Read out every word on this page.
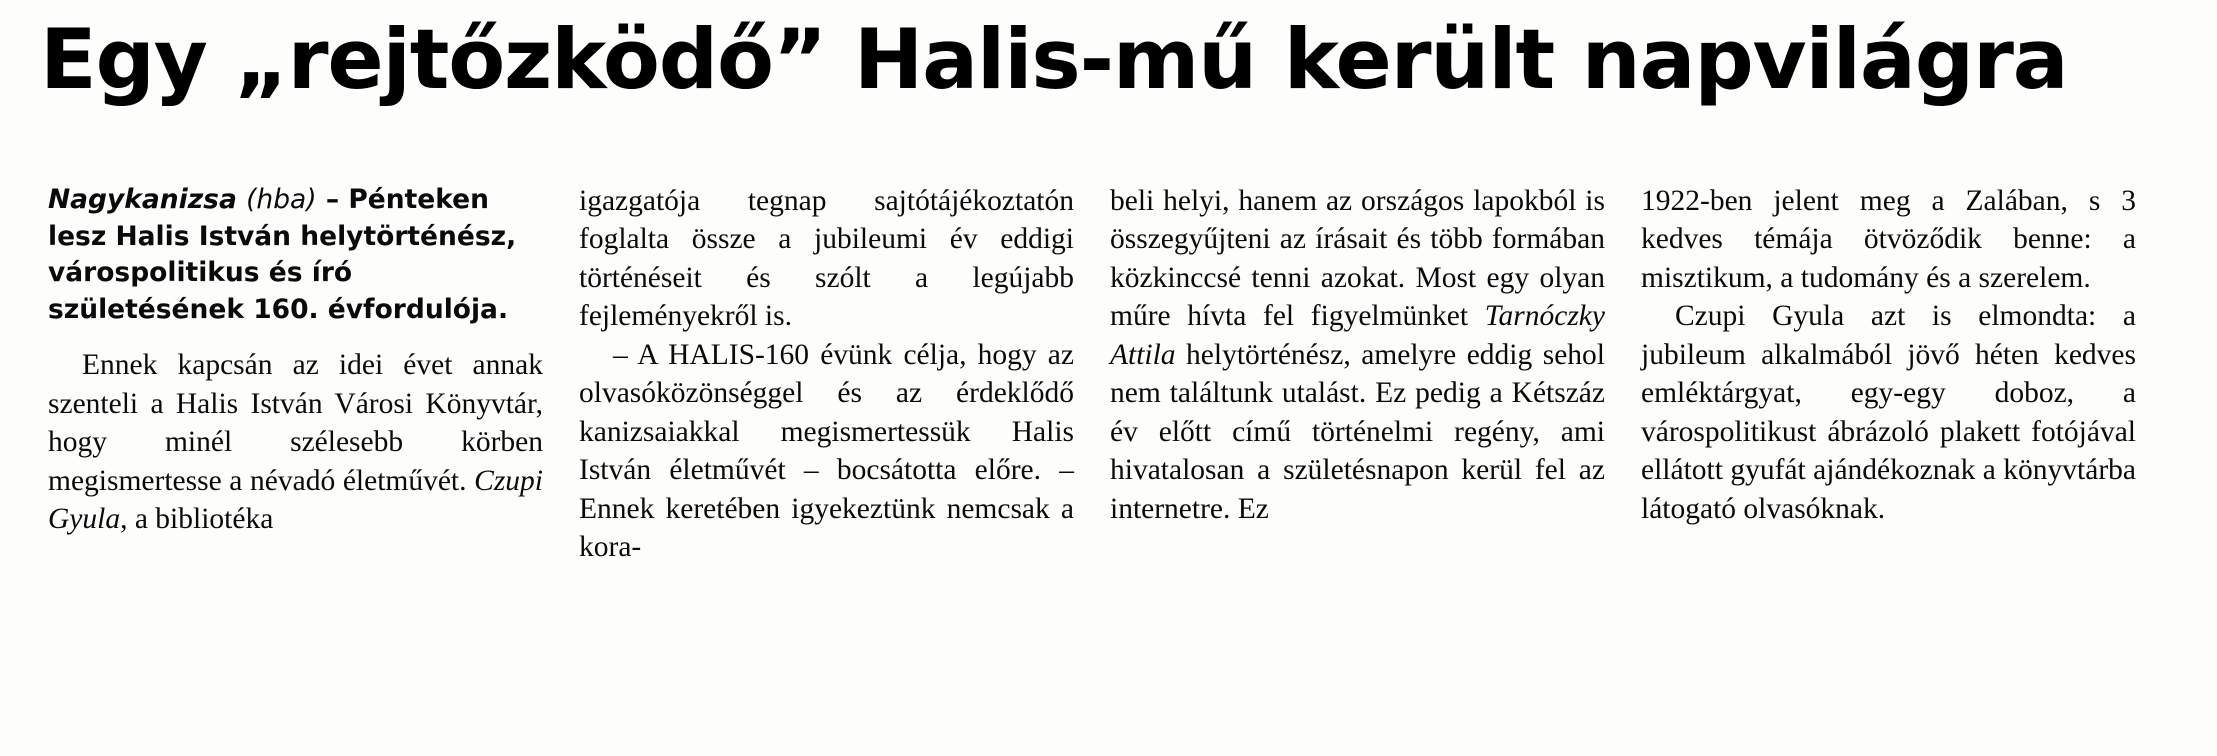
Egy „rejtőzködő” Halis-mű került napvilágra

Nagykanizsa (hba) – Pénteken lesz Halis István helytörténész, várospolitikus és író születésének 160. évfordulója.

Ennek kapcsán az idei évet annak szenteli a Halis István Városi Könyvtár, hogy minél szélesebb körben megismertesse a névadó életművét. Czupi Gyula, a bibliotéka

igazgatója tegnap sajtótájékoztatón foglalta össze a jubileumi év eddigi történéseit és szólt a legújabb fejleményekről is.

– A HALIS-160 évünk célja, hogy az olvasóközönséggel és az érdeklődő kanizsaiakkal megismertessük Halis István életművét – bocsátotta előre. – Ennek keretében igyekeztünk nemcsak a kora-

beli helyi, hanem az országos lapokból is összegyűjteni az írásait és több formában közkinccsé tenni azokat. Most egy olyan műre hívta fel figyelmünket Tarnóczky Attila helytörténész, amelyre eddig sehol nem találtunk utalást. Ez pedig a Kétszáz év előtt című történelmi regény, ami hivatalosan a születésnapon kerül fel az internetre. Ez

1922-ben jelent meg a Zalában, s 3 kedves témája ötvöződik benne: a misztikum, a tudomány és a szerelem.

Czupi Gyula azt is elmondta: a jubileum alkalmából jövő héten kedves emléktárgyat, egy-egy doboz, a várospolitikust ábrázoló plakett fotójával ellátott gyufát ajándékoznak a könyvtárba látogató olvasóknak.
